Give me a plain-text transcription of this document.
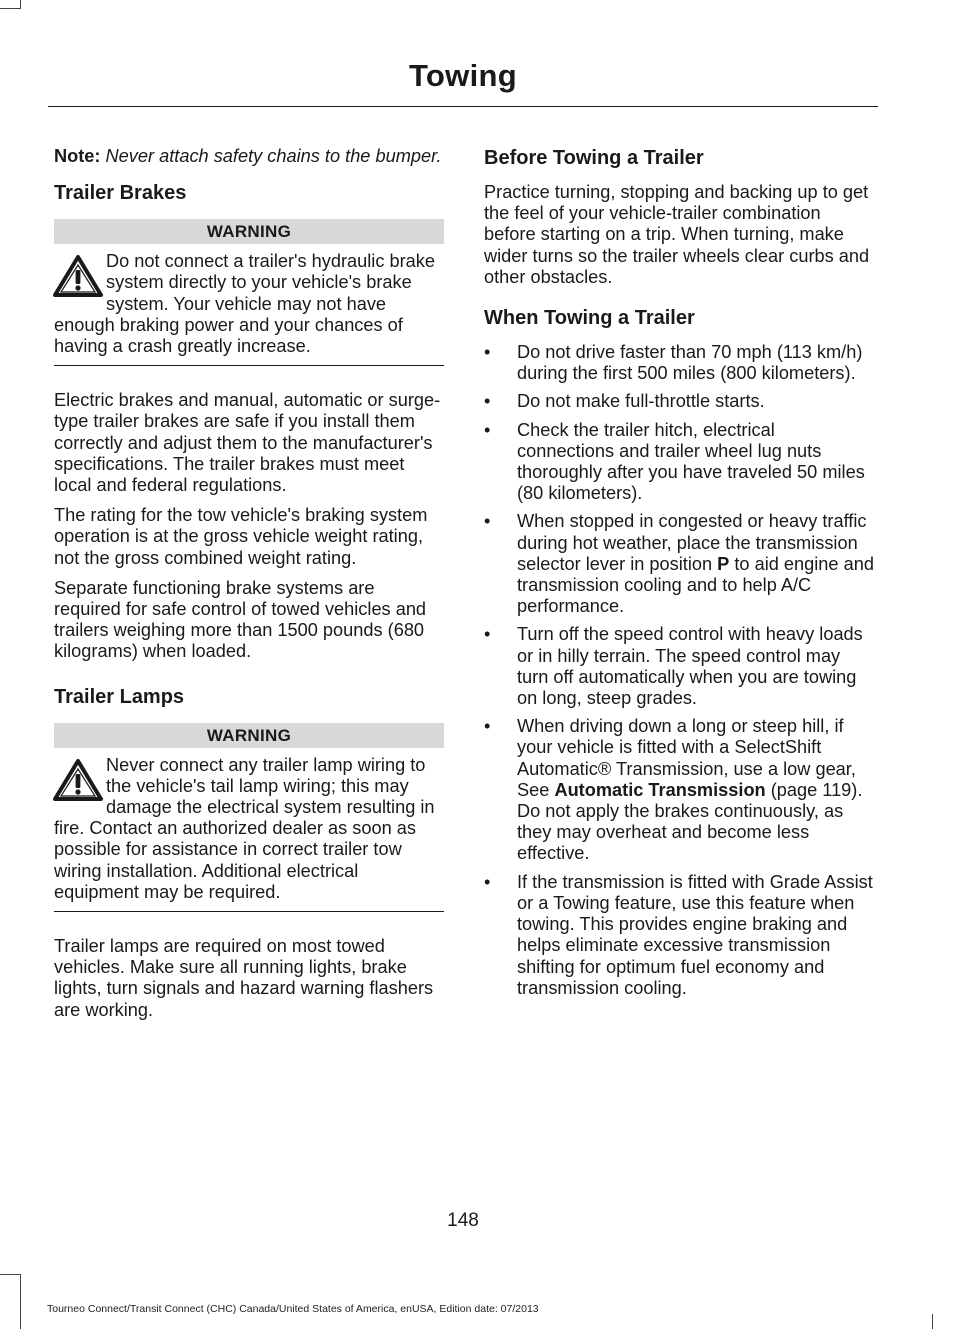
Towing

Note: Never attach safety chains to the bumper.

Trailer Brakes
WARNING
Do not connect a trailer's hydraulic brake system directly to your vehicle's brake system. Your vehicle may not have enough braking power and your chances of having a crash greatly increase.

Electric brakes and manual, automatic or surge-type trailer brakes are safe if you install them correctly and adjust them to the manufacturer's specifications. The trailer brakes must meet local and federal regulations.

The rating for the tow vehicle's braking system operation is at the gross vehicle weight rating, not the gross combined weight rating.

Separate functioning brake systems are required for safe control of towed vehicles and trailers weighing more than 1500 pounds (680 kilograms) when loaded.

Trailer Lamps
WARNING
Never connect any trailer lamp wiring to the vehicle's tail lamp wiring; this may damage the electrical system resulting in fire. Contact an authorized dealer as soon as possible for assistance in correct trailer tow wiring installation. Additional electrical equipment may be required.

Trailer lamps are required on most towed vehicles. Make sure all running lights, brake lights, turn signals and hazard warning flashers are working.

Before Towing a Trailer

Practice turning, stopping and backing up to get the feel of your vehicle-trailer combination before starting on a trip. When turning, make wider turns so the trailer wheels clear curbs and other obstacles.

When Towing a Trailer
• Do not drive faster than 70 mph (113 km/h) during the first 500 miles (800 kilometers).
• Do not make full-throttle starts.
• Check the trailer hitch, electrical connections and trailer wheel lug nuts thoroughly after you have traveled 50 miles (80 kilometers).
• When stopped in congested or heavy traffic during hot weather, place the transmission selector lever in position P to aid engine and transmission cooling and to help A/C performance.
• Turn off the speed control with heavy loads or in hilly terrain. The speed control may turn off automatically when you are towing on long, steep grades.
• When driving down a long or steep hill, if your vehicle is fitted with a SelectShift Automatic® Transmission, use a low gear, See Automatic Transmission (page 119). Do not apply the brakes continuously, as they may overheat and become less effective.
• If the transmission is fitted with Grade Assist or a Towing feature, use this feature when towing. This provides engine braking and helps eliminate excessive transmission shifting for optimum fuel economy and transmission cooling.
148
Tourneo Connect/Transit Connect (CHC) Canada/United States of America, enUSA, Edition date: 07/2013
